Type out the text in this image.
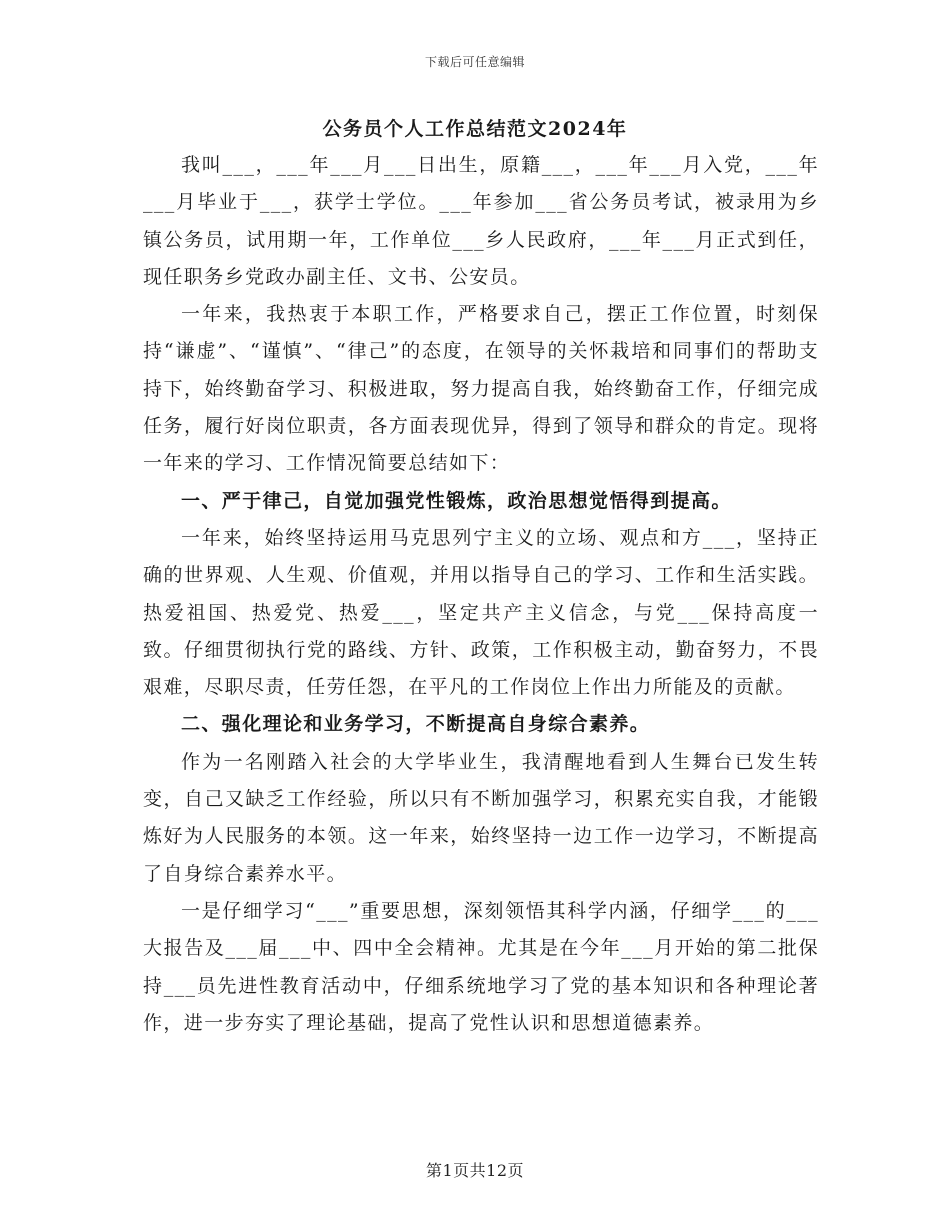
下载后可任意编辑
公务员个人工作总结范文2024年

我叫___，___年___月___日出生，原籍___，___年___月入党，___年___月毕业于___，获学士学位。___年参加___省公务员考试，被录用为乡镇公务员，试用期一年，工作单位___乡人民政府，___年___月正式到任，现任职务乡党政办副主任、文书、公安员。

一年来，我热衷于本职工作，严格要求自己，摆正工作位置，时刻保持“谦虚”、“谨慎”、“律己”的态度，在领导的关怀栽培和同事们的帮助支持下，始终勤奋学习、积极进取，努力提高自我，始终勤奋工作，仔细完成任务，履行好岗位职责，各方面表现优异，得到了领导和群众的肯定。现将一年来的学习、工作情况简要总结如下：

一、严于律己，自觉加强党性锻炼，政治思想觉悟得到提高。

一年来，始终坚持运用马克思列宁主义的立场、观点和方___，坚持正确的世界观、人生观、价值观，并用以指导自己的学习、工作和生活实践。热爱祖国、热爱党、热爱___，坚定共产主义信念，与党___保持高度一致。仔细贯彻执行党的路线、方针、政策，工作积极主动，勤奋努力，不畏艰难，尽职尽责，任劳任怨，在平凡的工作岗位上作出力所能及的贡献。

二、强化理论和业务学习，不断提高自身综合素养。

作为一名刚踏入社会的大学毕业生，我清醒地看到人生舞台已发生转变，自己又缺乏工作经验，所以只有不断加强学习，积累充实自我，才能锻炼好为人民服务的本领。这一年来，始终坚持一边工作一边学习，不断提高了自身综合素养水平。

一是仔细学习“___”重要思想，深刻领悟其科学内涵，仔细学___的___大报告及___届___中、四中全会精神。尤其是在今年___月开始的第二批保持___员先进性教育活动中，仔细系统地学习了党的基本知识和各种理论著作，进一步夯实了理论基础，提高了党性认识和思想道德素养。

第1页共12页
